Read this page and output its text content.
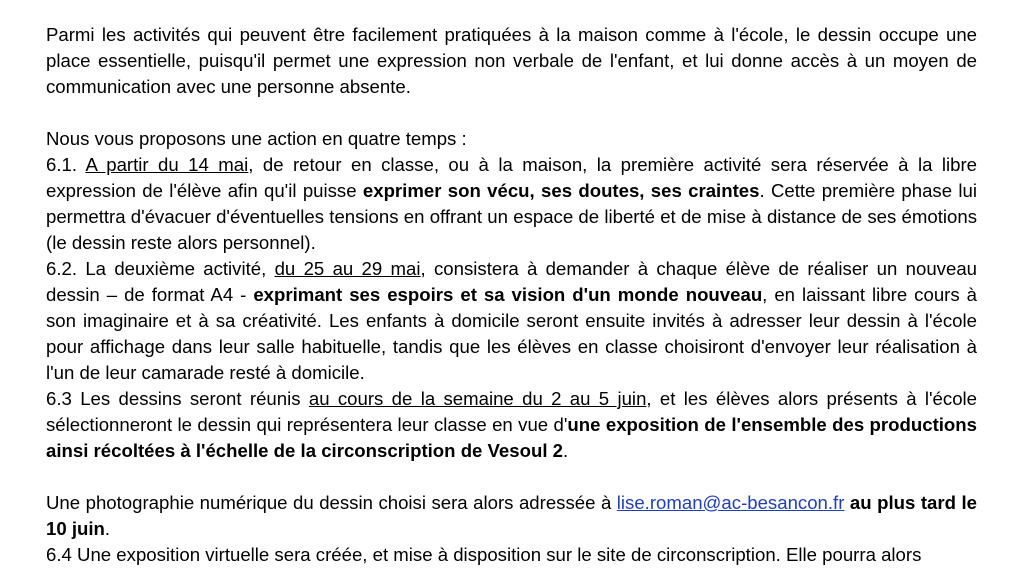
Parmi les activités qui peuvent être facilement pratiquées à la maison comme à l'école, le dessin occupe une place essentielle, puisqu'il permet une expression non verbale de l'enfant, et lui donne accès à un moyen de communication avec une personne absente.

Nous vous proposons une action en quatre temps :

6.1. A partir du 14 mai, de retour en classe, ou à la maison, la première activité sera réservée à la libre expression de l'élève afin qu'il puisse exprimer son vécu, ses doutes, ses craintes. Cette première phase lui permettra d'évacuer d'éventuelles tensions en offrant un espace de liberté et de mise à distance de ses émotions (le dessin reste alors personnel).

6.2. La deuxième activité, du 25 au 29 mai, consistera à demander à chaque élève de réaliser un nouveau dessin – de format A4 - exprimant ses espoirs et sa vision d'un monde nouveau, en laissant libre cours à son imaginaire et à sa créativité. Les enfants à domicile seront ensuite invités à adresser leur dessin à l'école pour affichage dans leur salle habituelle, tandis que les élèves en classe choisiront d'envoyer leur réalisation à l'un de leur camarade resté à domicile.

6.3 Les dessins seront réunis au cours de la semaine du 2 au 5 juin, et les élèves alors présents à l'école sélectionneront le dessin qui représentera leur classe en vue d'une exposition de l'ensemble des productions ainsi récoltées à l'échelle de la circonscription de Vesoul 2.

Une photographie numérique du dessin choisi sera alors adressée à lise.roman@ac-besancon.fr au plus tard le 10 juin.

6.4 Une exposition virtuelle sera créée, et mise à disposition sur le site de circonscription. Elle pourra alors
